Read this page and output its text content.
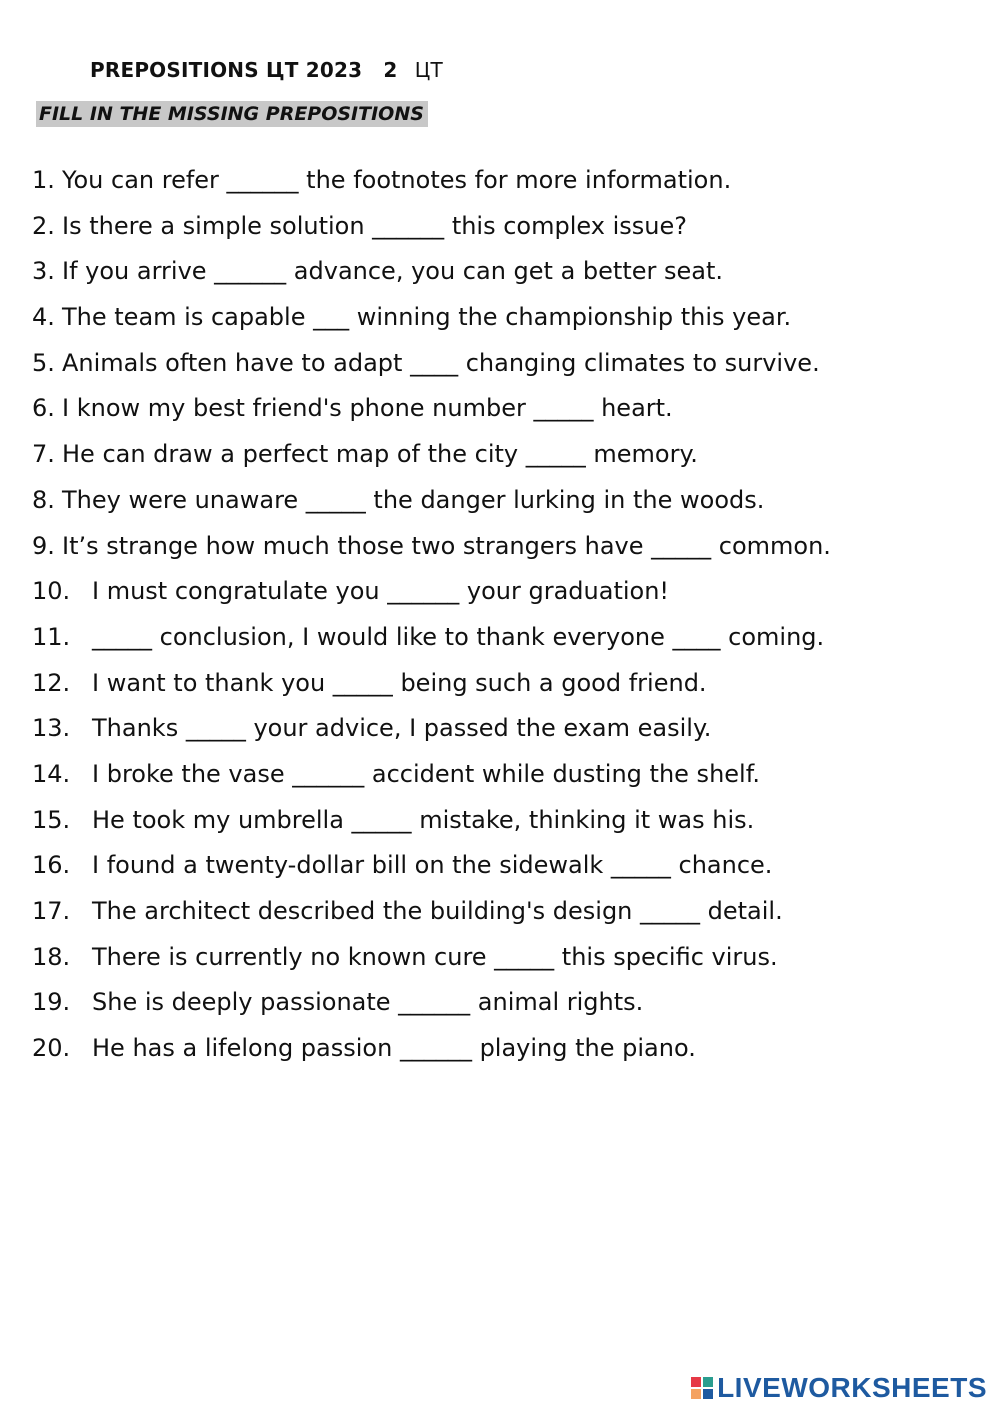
PREPOSITIONS ЦТ 2023 2 ЦТ
FILL IN THE MISSING PREPOSITIONS
1. You can refer ______ the footnotes for more information.
2. Is there a simple solution ______ this complex issue?
3. If you arrive ______ advance, you can get a better seat.
4. The team is capable ___ winning the championship this year.
5. Animals often have to adapt ____ changing climates to survive.
6. I know my best friend's phone number _____ heart.
7. He can draw a perfect map of the city _____ memory.
8. They were unaware _____ the danger lurking in the woods.
9. It’s strange how much those two strangers have _____ common.
10. I must congratulate you ______ your graduation!
11. _____ conclusion, I would like to thank everyone ____ coming.
12. I want to thank you _____ being such a good friend.
13. Thanks _____ your advice, I passed the exam easily.
14. I broke the vase ______ accident while dusting the shelf.
15. He took my umbrella _____ mistake, thinking it was his.
16. I found a twenty-dollar bill on the sidewalk _____ chance.
17. The architect described the building's design _____ detail.
18. There is currently no known cure _____ this specific virus.
19. She is deeply passionate ______ animal rights.
20. He has a lifelong passion ______ playing the piano.
LIVEWORKSHEETS
